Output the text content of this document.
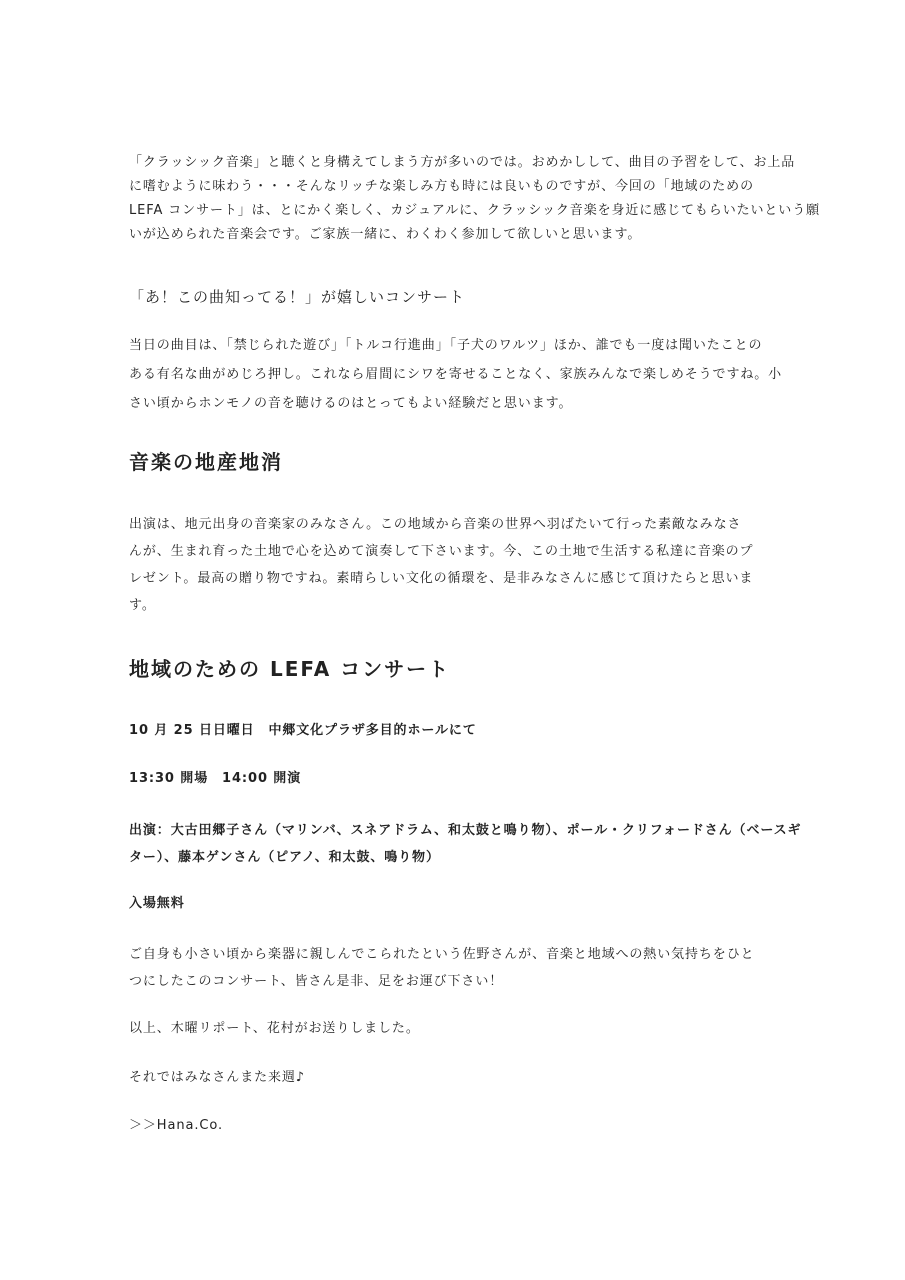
「クラッシック音楽」と聴くと身構えてしまう方が多いのでは。おめかしして、曲目の予習をして、お上品
に嗜むように味わう・・・そんなリッチな楽しみ方も時には良いものですが、今回の「地域のための
LEFA コンサート」は、とにかく楽しく、カジュアルに、クラッシック音楽を身近に感じてもらいたいという願
いが込められた音楽会です。ご家族一緒に、わくわく参加して欲しいと思います。

「あ！この曲知ってる！」が嬉しいコンサート

当日の曲目は、「禁じられた遊び」「トルコ行進曲」「子犬のワルツ」ほか、誰でも一度は聞いたことの
ある有名な曲がめじろ押し。これなら眉間にシワを寄せることなく、家族みんなで楽しめそうですね。小
さい頃からホンモノの音を聴けるのはとってもよい経験だと思います。

音楽の地産地消

出演は、地元出身の音楽家のみなさん。この地域から音楽の世界へ羽ばたいて行った素敵なみなさ
んが、生まれ育った土地で心を込めて演奏して下さいます。今、この土地で生活する私達に音楽のプ
レゼント。最高の贈り物ですね。素晴らしい文化の循環を、是非みなさんに感じて頂けたらと思いま
す。

地域のための LEFA コンサート

10 月 25 日日曜日　中郷文化プラザ多目的ホールにて

13:30 開場　14:00 開演

出演：大古田郷子さん（マリンバ、スネアドラム、和太鼓と鳴り物）、ポール・クリフォードさん（ベースギ
ター）、藤本ゲンさん（ピアノ、和太鼓、鳴り物）

入場無料

ご自身も小さい頃から楽器に親しんでこられたという佐野さんが、音楽と地域への熱い気持ちをひと
つにしたこのコンサート、皆さん是非、足をお運び下さい！

以上、木曜リポート、花村がお送りしました。

それではみなさんまた来週♪

＞＞Hana.Co.
